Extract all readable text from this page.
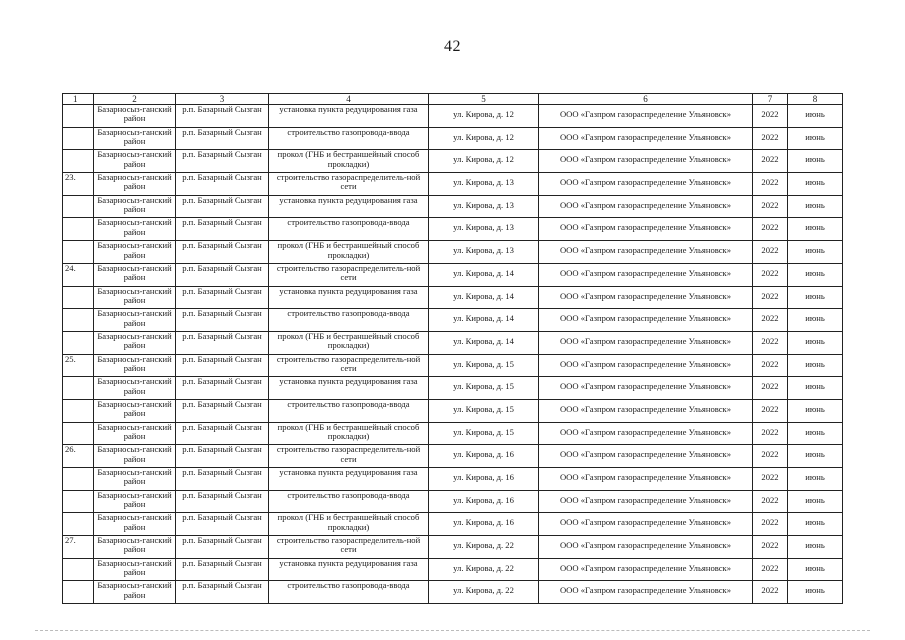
42
1	2	3	4	5	6	7	8
	Базарносыз-ганский район	р.п. Базарный Сызган	установка пункта редуцирования газа	ул. Кирова, д. 12	ООО «Газпром газораспределение Ульяновск»	2022	июнь
	Базарносыз-ганский район	р.п. Базарный Сызган	строительство газопровода-ввода	ул. Кирова, д. 12	ООО «Газпром газораспределение Ульяновск»	2022	июнь
	Базарносыз-ганский район	р.п. Базарный Сызган	прокол (ГНБ и бестраншейный способ прокладки)	ул. Кирова, д. 12	ООО «Газпром газораспределение Ульяновск»	2022	июнь
23.	Базарносыз-ганский район	р.п. Базарный Сызган	строительство газораспределитель-ной сети	ул. Кирова, д. 13	ООО «Газпром газораспределение Ульяновск»	2022	июнь
	Базарносыз-ганский район	р.п. Базарный Сызган	установка пункта редуцирования газа	ул. Кирова, д. 13	ООО «Газпром газораспределение Ульяновск»	2022	июнь
	Базарносыз-ганский район	р.п. Базарный Сызган	строительство газопровода-ввода	ул. Кирова, д. 13	ООО «Газпром газораспределение Ульяновск»	2022	июнь
	Базарносыз-ганский район	р.п. Базарный Сызган	прокол (ГНБ и бестраншейный способ прокладки)	ул. Кирова, д. 13	ООО «Газпром газораспределение Ульяновск»	2022	июнь
24.	Базарносыз-ганский район	р.п. Базарный Сызган	строительство газораспределитель-ной сети	ул. Кирова, д. 14	ООО «Газпром газораспределение Ульяновск»	2022	июнь
	Базарносыз-ганский район	р.п. Базарный Сызган	установка пункта редуцирования газа	ул. Кирова, д. 14	ООО «Газпром газораспределение Ульяновск»	2022	июнь
	Базарносыз-ганский район	р.п. Базарный Сызган	строительство газопровода-ввода	ул. Кирова, д. 14	ООО «Газпром газораспределение Ульяновск»	2022	июнь
	Базарносыз-ганский район	р.п. Базарный Сызган	прокол (ГНБ и бестраншейный способ прокладки)	ул. Кирова, д. 14	ООО «Газпром газораспределение Ульяновск»	2022	июнь
25.	Базарносыз-ганский район	р.п. Базарный Сызган	строительство газораспределитель-ной сети	ул. Кирова, д. 15	ООО «Газпром газораспределение Ульяновск»	2022	июнь
	Базарносыз-ганский район	р.п. Базарный Сызган	установка пункта редуцирования газа	ул. Кирова, д. 15	ООО «Газпром газораспределение Ульяновск»	2022	июнь
	Базарносыз-ганский район	р.п. Базарный Сызган	строительство газопровода-ввода	ул. Кирова, д. 15	ООО «Газпром газораспределение Ульяновск»	2022	июнь
	Базарносыз-ганский район	р.п. Базарный Сызган	прокол (ГНБ и бестраншейный способ прокладки)	ул. Кирова, д. 15	ООО «Газпром газораспределение Ульяновск»	2022	июнь
26.	Базарносыз-ганский район	р.п. Базарный Сызган	строительство газораспределитель-ной сети	ул. Кирова, д. 16	ООО «Газпром газораспределение Ульяновск»	2022	июнь
	Базарносыз-ганский район	р.п. Базарный Сызган	установка пункта редуцирования газа	ул. Кирова, д. 16	ООО «Газпром газораспределение Ульяновск»	2022	июнь
	Базарносыз-ганский район	р.п. Базарный Сызган	строительство газопровода-ввода	ул. Кирова, д. 16	ООО «Газпром газораспределение Ульяновск»	2022	июнь
	Базарносыз-ганский район	р.п. Базарный Сызган	прокол (ГНБ и бестраншейный способ прокладки)	ул. Кирова, д. 16	ООО «Газпром газораспределение Ульяновск»	2022	июнь
27.	Базарносыз-ганский район	р.п. Базарный Сызган	строительство газораспределитель-ной сети	ул. Кирова, д. 22	ООО «Газпром газораспределение Ульяновск»	2022	июнь
	Базарносыз-ганский район	р.п. Базарный Сызган	установка пункта редуцирования газа	ул. Кирова, д. 22	ООО «Газпром газораспределение Ульяновск»	2022	июнь
	Базарносыз-ганский район	р.п. Базарный Сызган	строительство газопровода-ввода	ул. Кирова, д. 22	ООО «Газпром газораспределение Ульяновск»	2022	июнь
